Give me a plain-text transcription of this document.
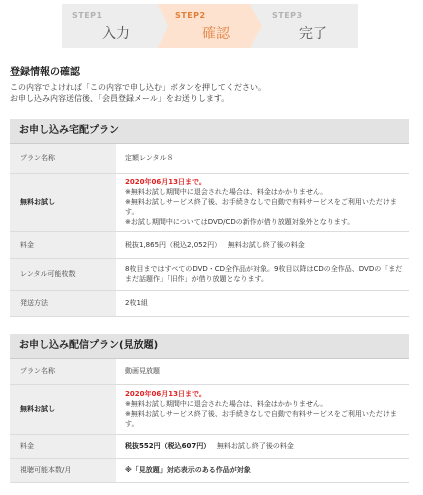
STEP1
入力
STEP2
確認
STEP3
完了
登録情報の確認
この内容でよければ「この内容で申し込む」ボタンを押してください。
お申し込み内容送信後、「会員登録メール」をお送りします。
お申し込み宅配プラン
プラン名称	定額レンタル８
無料お試し	2020年06月13日まで。
※無料お試し期間中に退会された場合は、料金はかかりません。
※無料お試しサービス終了後、お手続きなしで自動で有料サービスをご利用いただけます。
※お試し期間中についてはDVD/CDの新作が借り放題対象外となります。

料金	税抜1,865円（税込2,052円） 無料お試し終了後の料金
レンタル可能枚数	8枚目まではすべてのDVD・CD全作品が対象。9枚目以降はCDの全作品、DVDの「まだまだ話題作」「旧作」が借り放題となります。
発送方法	2枚1組
お申し込み配信プラン(見放題)
プラン名称	動画見放題
無料お試し	2020年06月13日まで。
※無料お試し期間中に退会された場合は、料金はかかりません。
※無料お試しサービス終了後、お手続きなしで自動で有料サービスをご利用いただけます。

料金	税抜552円（税込607円） 無料お試し終了後の料金
視聴可能本数/月	※「見放題」対応表示のある作品が対象
